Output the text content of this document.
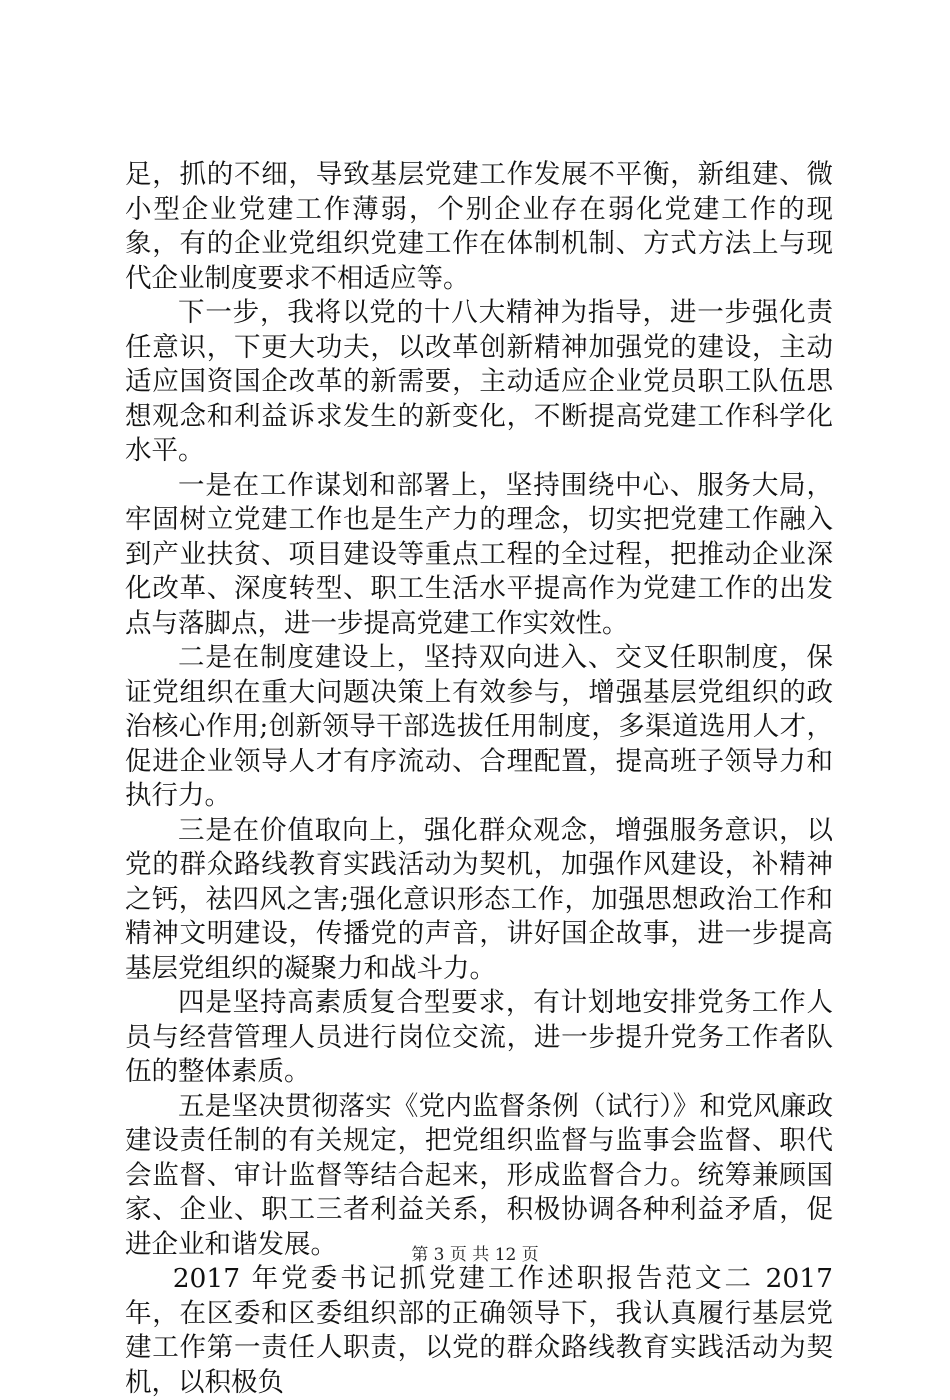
足，抓的不细，导致基层党建工作发展不平衡，新组建、微小型企业党建工作薄弱，个别企业存在弱化党建工作的现象，有的企业党组织党建工作在体制机制、方式方法上与现代企业制度要求不相适应等。

下一步，我将以党的十八大精神为指导，进一步强化责任意识，下更大功夫，以改革创新精神加强党的建设，主动适应国资国企改革的新需要，主动适应企业党员职工队伍思想观念和利益诉求发生的新变化，不断提高党建工作科学化水平。

一是在工作谋划和部署上，坚持围绕中心、服务大局，牢固树立党建工作也是生产力的理念，切实把党建工作融入到产业扶贫、项目建设等重点工程的全过程，把推动企业深化改革、深度转型、职工生活水平提高作为党建工作的出发点与落脚点，进一步提高党建工作实效性。

二是在制度建设上，坚持双向进入、交叉任职制度，保证党组织在重大问题决策上有效参与，增强基层党组织的政治核心作用;创新领导干部选拔任用制度，多渠道选用人才，促进企业领导人才有序流动、合理配置，提高班子领导力和执行力。

三是在价值取向上，强化群众观念，增强服务意识，以党的群众路线教育实践活动为契机，加强作风建设，补精神之钙，祛四风之害;强化意识形态工作，加强思想政治工作和精神文明建设，传播党的声音，讲好国企故事，进一步提高基层党组织的凝聚力和战斗力。

四是坚持高素质复合型要求，有计划地安排党务工作人员与经营管理人员进行岗位交流，进一步提升党务工作者队伍的整体素质。

五是坚决贯彻落实《党内监督条例（试行）》和党风廉政建设责任制的有关规定，把党组织监督与监事会监督、职代会监督、审计监督等结合起来，形成监督合力。统筹兼顾国家、企业、职工三者利益关系，积极协调各种利益矛盾，促进企业和谐发展。

2017 年党委书记抓党建工作述职报告范文二 2017 年，在区委和区委组织部的正确领导下，我认真履行基层党建工作第一责任人职责，以党的群众路线教育实践活动为契机，以积极负

第 3 页 共 12 页
